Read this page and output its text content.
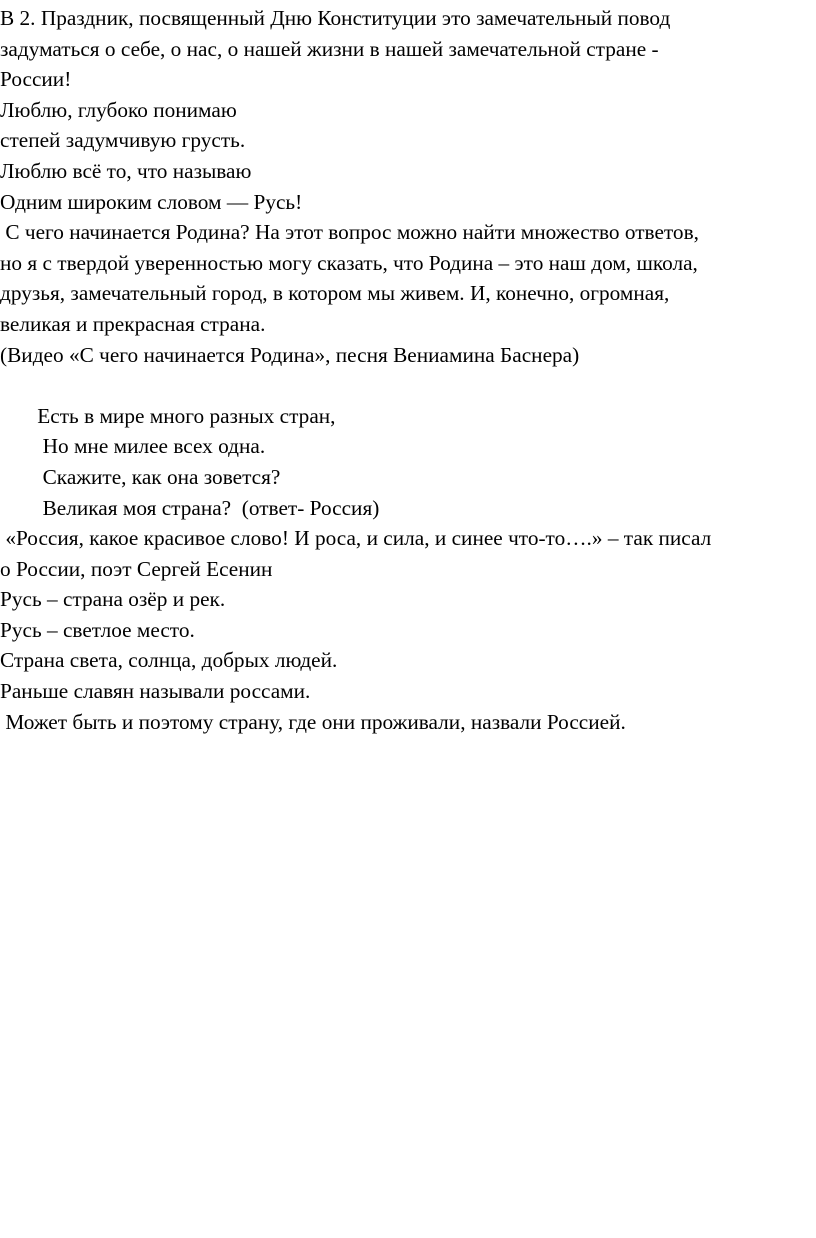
В 2. Праздник, посвященный Дню Конституции это замечательный повод
задуматься о себе, о нас, о нашей жизни в нашей замечательной стране -
России!
Люблю, глубоко понимаю
степей задумчивую грусть.
Люблю всё то, что называю
Одним широким словом — Русь!
С чего начинается Родина? На этот вопрос можно найти множество ответов,
но я с твердой уверенностью могу сказать, что Родина – это наш дом, школа,
друзья, замечательный город, в котором мы живем. И, конечно, огромная,
великая и прекрасная страна.
(Видео «С чего начинается Родина», песня Вениамина Баснера)
Есть в мире много разных стран,
Но мне милее всех одна.
Скажите, как она зовется?
Великая моя страна?  (ответ- Россия)
«Россия, какое красивое слово! И роса, и сила, и синее что-то….» – так писал
о России, поэт Сергей Есенин
Русь – страна озёр и рек.
Русь – светлое место.
Страна света, солнца, добрых людей.
Раньше славян называли россами.
Может быть и поэтому страну, где они проживали, назвали Россией.
